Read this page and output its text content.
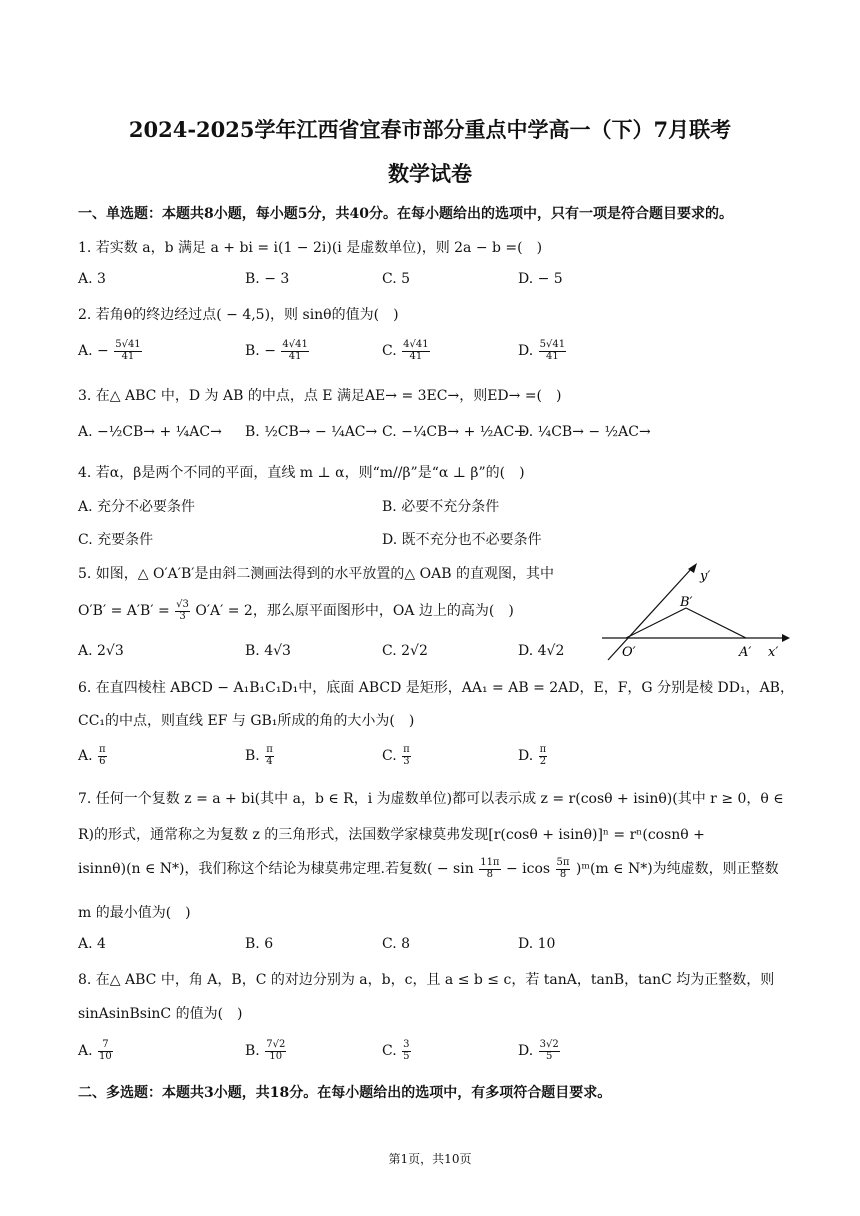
2024-2025学年江西省宜春市部分重点中学高一（下）7月联考
数学试卷
一、单选题：本题共8小题，每小题5分，共40分。在每小题给出的选项中，只有一项是符合题目要求的。
1. 若实数 a，b 满足 a + bi = i(1 − 2i)(i 是虚数单位)，则 2a − b =(　)
A. 3	B. − 3	C. 5	D. − 5
2. 若角θ的终边经过点( − 4,5)，则 sinθ的值为(　)
A. − $\frac{5√41}{41}$	B. − $\frac{4√41}{41}$	C. $\frac{4√41}{41}$	D. $\frac{5√41}{41}$
3. 在△ ABC 中，D 为 AB 的中点，点 E 满足AE→ = 3EC→，则ED→ =(　)
A. −½CB→ + ¼AC→ B. ½CB→ − ¼AC→ C. −¼CB→ + ½AC→
D. ¼CB→ − ½AC→
4. 若α，β是两个不同的平面，直线 m ⊥ α，则“m//β”是“α ⊥ β”的(　)
A. 充分不必要条件	B. 必要不充分条件
C. 充要条件	D. 既不充分也不必要条件
5. 如图，△ O′A′B′是由斜二测画法得到的水平放置的△ OAB 的直观图，其中
$O'B' = A'B' = \frac{√3}{3} O'A' = 2$，那么原平面图形中，OA 边上的高为(　)
A. 2√3	B. 4√3	C. 2√2	D. 4√2
y′
B′
O′	A′ x′
6. 在直四棱柱 ABCD − A₁B₁C₁D₁中，底面 ABCD 是矩形，AA₁ = AB = 2AD，E，F，G 分别是棱 DD₁，AB，
CC₁的中点，则直线 EF 与 GB₁所成的角的大小为(　)
A. $\frac{\pi}{6}$	B. $\frac{\pi}{4}$	C. $\frac{\pi}{3}$	D. $\frac{\pi}{2}$
7. 任何一个复数 z = a + bi(其中 a，b ∈ R，i 为虚数单位)都可以表示成 z = r(cosθ + isinθ)(其中 r ≥ 0，θ ∈
R)的形式，通常称之为复数 z 的三角形式，法国数学家棣莫弗发现[r(cosθ + isinθ)]ⁿ = rⁿ(cosnθ +
isinnθ)(n ∈ N*)，我们称这个结论为棣莫弗定理.若复数( − $\sin \frac{11\pi}{8} - icos \frac{5\pi}{8}$ )ᵐ(m ∈ N*)为纯虚数，则正整数
m 的最小值为(　)
A. 4	B. 6	C. 8	D. 10
8. 在△ ABC 中，角 A，B，C 的对边分别为 a，b，c，且 a ≤ b ≤ c，若 tanA，tanB，tanC 均为正整数，则
sinAsinBsinC 的值为(　)
A. $\frac{7}{10}$	B. $\frac{7√2}{10}$	C. $\frac{3}{5}$	D. $\frac{3√2}{5}$
二、多选题：本题共3小题，共18分。在每小题给出的选项中，有多项符合题目要求。
第1页，共10页
